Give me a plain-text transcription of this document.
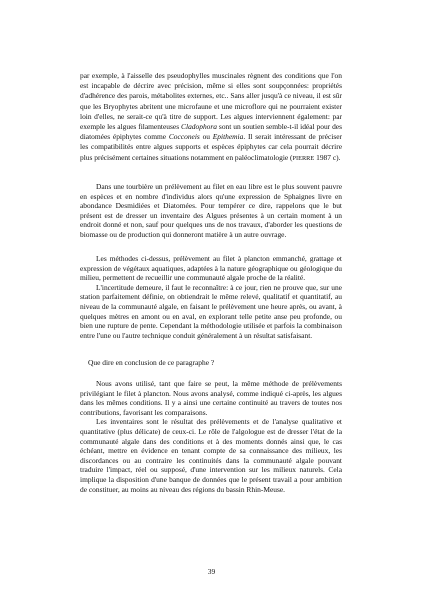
par exemple, à l'aisselle des pseudophylles muscinales règnent des conditions que l'on est incapable de décrire avec précision, même si elles sont soupçonnées: propriétés d'adhérence des parois, métabolites externes, etc.. Sans aller jusqu'à ce niveau, il est sûr que les Bryophytes abritent une microfaune et une microflore qui ne pourraient exister loin d'elles, ne serait-ce qu'à titre de support. Les algues interviennent également: par exemple les algues filamenteuses Cladophora sont un soutien semble-t-il idéal pour des diatomées épiphytes comme Cocconeis ou Epithemia. Il serait intéressant de préciser les compatibilités entre algues supports et espèces épiphytes car cela pourrait décrire plus précisément certaines situations notamment en paléoclimatologie (PIERRE 1987 c).

Dans une tourbière un prélèvement au filet en eau libre est le plus souvent pauvre en espèces et en nombre d'individus alors qu'une expression de Sphaignes livre en abondance Desmidiées et Diatomées. Pour tempérer ce dire, rappelons que le but présent est de dresser un inventaire des Algues présentes à un certain moment à un endroit donné et non, sauf pour quelques uns de nos travaux, d'aborder les questions de biomasse ou de production qui donneront matière à un autre ouvrage.

Les méthodes ci-dessus, prélèvement au filet à plancton emmanché, grattage et expression de végétaux aquatiques, adaptées à la nature géographique ou géologique du milieu, permettent de recueillir une communauté algale proche de la réalité.

L'incertitude demeure, il faut le reconnaître: à ce jour, rien ne prouve que, sur une station parfaitement définie, on obtiendrait le même relevé, qualitatif et quantitatif, au niveau de la communauté algale, en faisant le prélèvement une heure après, ou avant, à quelques mètres en amont ou en aval, en explorant telle petite anse peu profonde, ou bien une rupture de pente. Cependant la méthodologie utilisée et parfois la combinaison entre l'une ou l'autre technique conduit généralement à un résultat satisfaisant.

Que dire en conclusion de ce paragraphe ?

Nous avons utilisé, tant que faire se peut, la même méthode de prélèvements privilégiant le filet à plancton. Nous avons analysé, comme indiqué ci-après, les algues dans les mêmes conditions. Il y a ainsi une certaine continuité au travers de toutes nos contributions, favorisant les comparaisons.

Les inventaires sont le résultat des prélèvements et de l'analyse qualitative et quantitative (plus délicate) de ceux-ci. Le rôle de l'algologue est de dresser l'état de la communauté algale dans des conditions et à des moments donnés ainsi que, le cas échéant, mettre en évidence en tenant compte de sa connaissance des milieux, les discordances ou au contraire les continuités dans la communauté algale pouvant traduire l'impact, réel ou supposé, d'une intervention sur les milieux naturels. Cela implique la disposition d'une banque de données que le présent travail a pour ambition de constituer, au moins au niveau des régions du bassin Rhin-Meuse.

39
